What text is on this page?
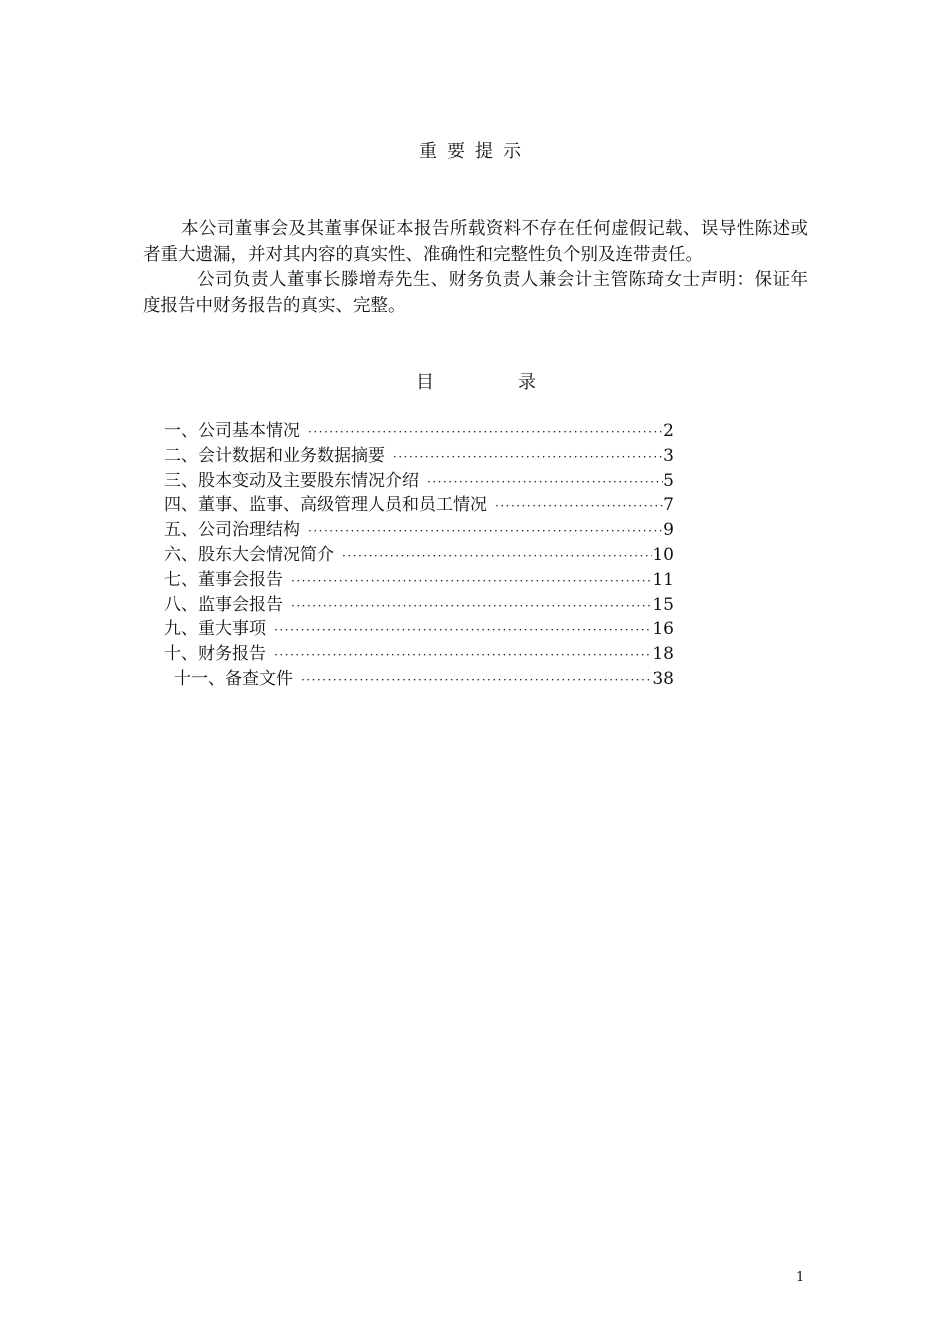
重要提示

本公司董事会及其董事保证本报告所载资料不存在任何虚假记载、误导性陈述或者重大遗漏，并对其内容的真实性、准确性和完整性负个别及连带责任。

公司负责人董事长滕增寿先生、财务负责人兼会计主管陈琦女士声明：保证年度报告中财务报告的真实、完整。

目	录
一、公司基本情况 ·····	2
二、会计数据和业务数据摘要 ·····	3
三、股本变动及主要股东情况介绍 ·····	5
四、董事、监事、高级管理人员和员工情况 ·····	7
五、公司治理结构 ·····	9
六、股东大会情况简介 ·····	10
七、董事会报告 ·····	11
八、监事会报告 ·····	15
九、重大事项 ·····	16
十、财务报告 ·····	18
十一、备查文件 ·····	38
1
